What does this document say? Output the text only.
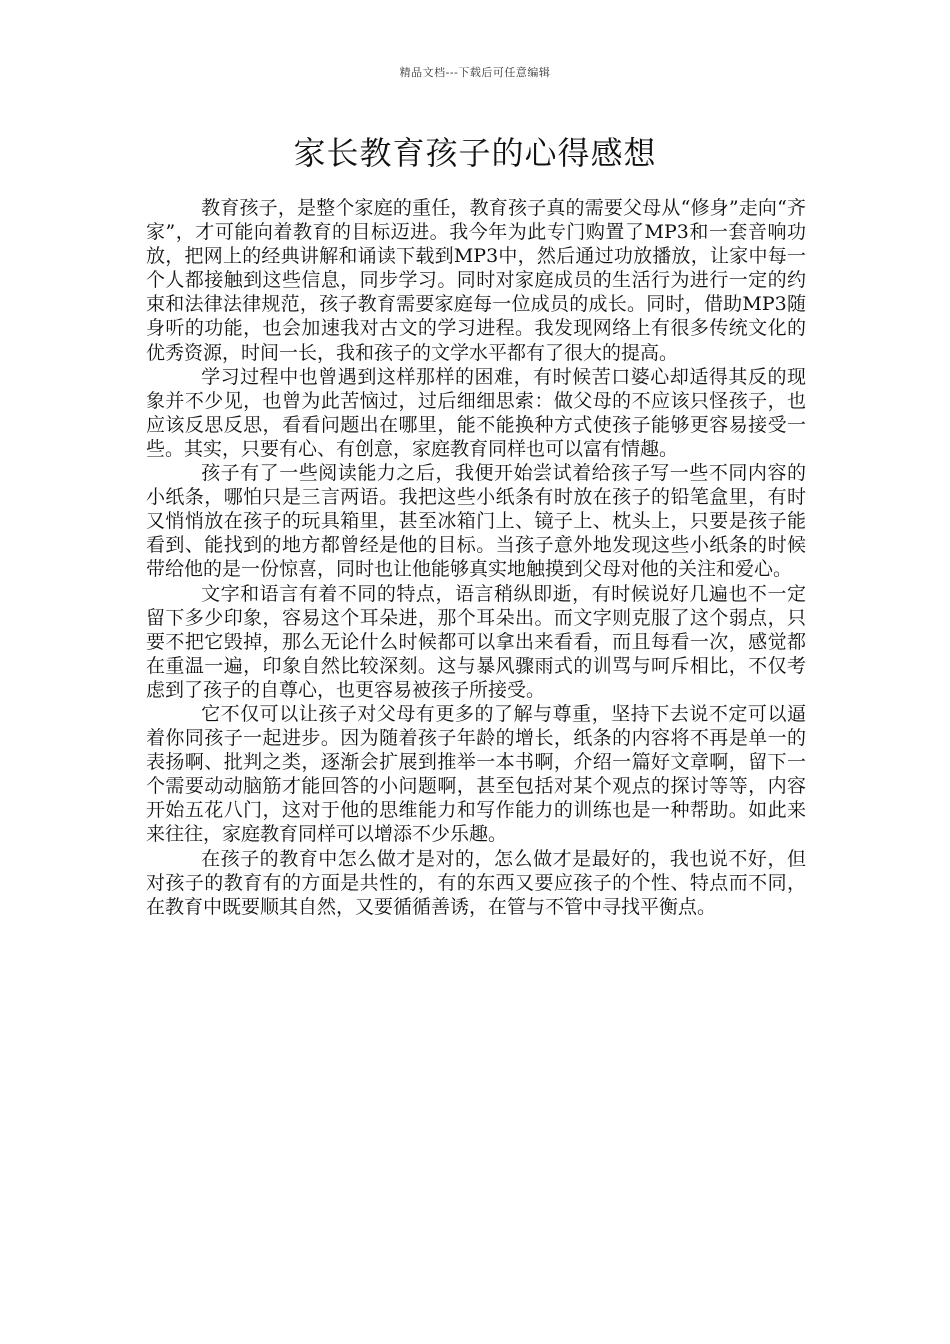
精品文档---下载后可任意编辑
家长教育孩子的心得感想

教育孩子，是整个家庭的重任，教育孩子真的需要父母从“修身”走向“齐家”，才可能向着教育的目标迈进。我今年为此专门购置了MP3和一套音响功放，把网上的经典讲解和诵读下载到MP3中，然后通过功放播放，让家中每一个人都接触到这些信息，同步学习。同时对家庭成员的生活行为进行一定的约束和法律法律规范，孩子教育需要家庭每一位成员的成长。同时，借助MP3随身听的功能，也会加速我对古文的学习进程。我发现网络上有很多传统文化的优秀资源，时间一长，我和孩子的文学水平都有了很大的提高。

学习过程中也曾遇到这样那样的困难，有时候苦口婆心却适得其反的现象并不少见，也曾为此苦恼过，过后细细思索：做父母的不应该只怪孩子，也应该反思反思，看看问题出在哪里，能不能换种方式使孩子能够更容易接受一些。其实，只要有心、有创意，家庭教育同样也可以富有情趣。

孩子有了一些阅读能力之后，我便开始尝试着给孩子写一些不同内容的小纸条，哪怕只是三言两语。我把这些小纸条有时放在孩子的铅笔盒里，有时又悄悄放在孩子的玩具箱里，甚至冰箱门上、镜子上、枕头上，只要是孩子能看到、能找到的地方都曾经是他的目标。当孩子意外地发现这些小纸条的时候带给他的是一份惊喜，同时也让他能够真实地触摸到父母对他的关注和爱心。

文字和语言有着不同的特点，语言稍纵即逝，有时候说好几遍也不一定留下多少印象，容易这个耳朵进，那个耳朵出。而文字则克服了这个弱点，只要不把它毁掉，那么无论什么时候都可以拿出来看看，而且每看一次，感觉都在重温一遍，印象自然比较深刻。这与暴风骤雨式的训骂与呵斥相比，不仅考虑到了孩子的自尊心，也更容易被孩子所接受。

它不仅可以让孩子对父母有更多的了解与尊重，坚持下去说不定可以逼着你同孩子一起进步。因为随着孩子年龄的增长，纸条的内容将不再是单一的表扬啊、批判之类，逐渐会扩展到推举一本书啊，介绍一篇好文章啊，留下一个需要动动脑筋才能回答的小问题啊，甚至包括对某个观点的探讨等等，内容开始五花八门，这对于他的思维能力和写作能力的训练也是一种帮助。如此来来往往，家庭教育同样可以增添不少乐趣。

在孩子的教育中怎么做才是对的，怎么做才是最好的，我也说不好，但对孩子的教育有的方面是共性的，有的东西又要应孩子的个性、特点而不同，在教育中既要顺其自然，又要循循善诱，在管与不管中寻找平衡点。
